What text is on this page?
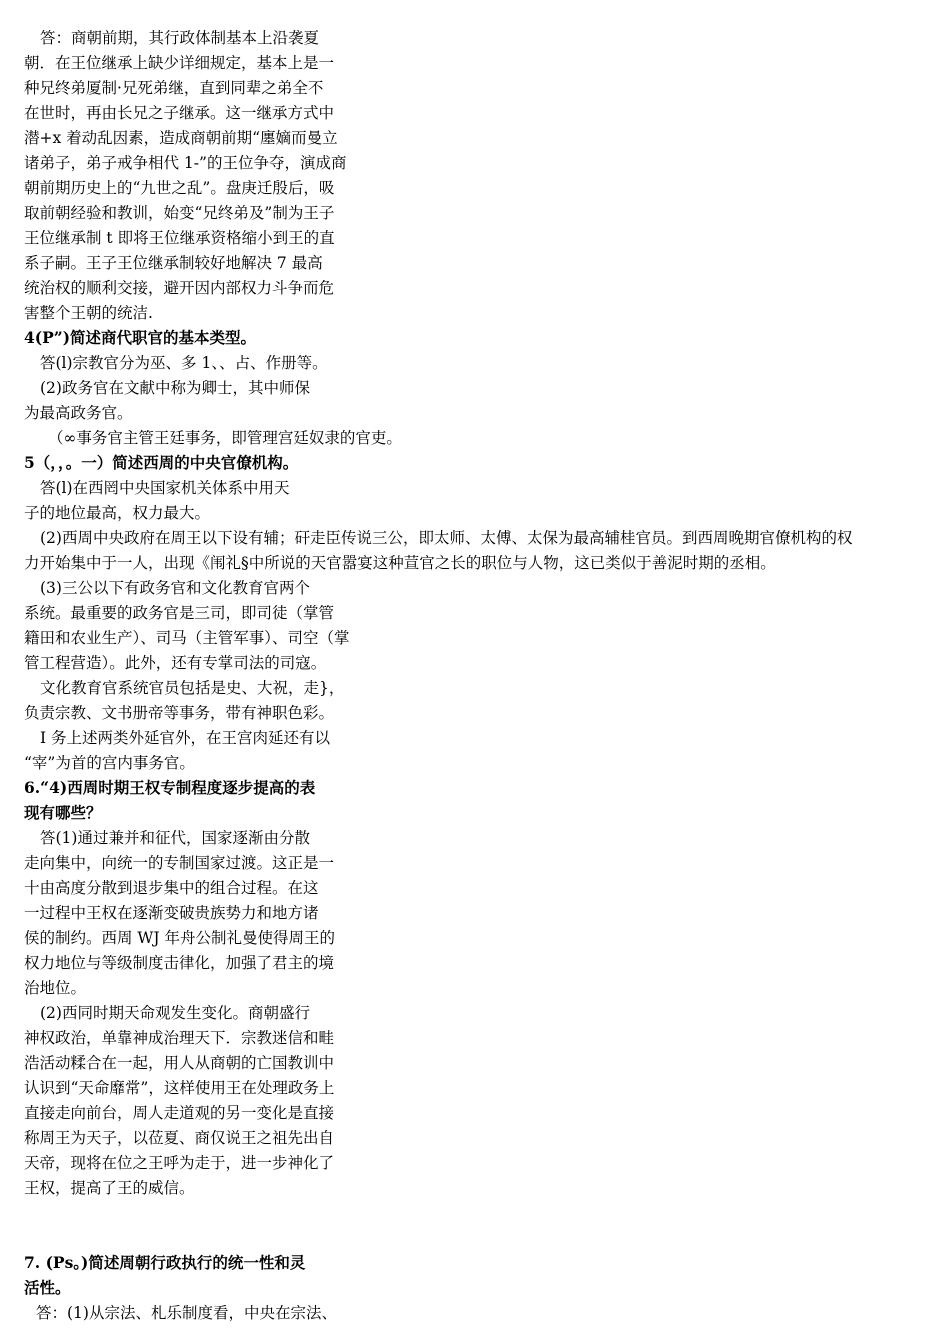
答：商朝前期，其行政体制基本上沿袭夏
朝．在王位继承上缺少详细规定，基本上是一
种兄终弟厦制·兄死弟继，直到同辈之弟全不
在世时，再由长兄之子继承。这一继承方式中
潜+x 着动乱因素，造成商朝前期“廛嫡而曼立
诸弟子，弟子戒争相代 1-”的王位争夺，演成商
朝前期历史上的“九世之乱”。盘庚迁殷后，吸
取前朝经验和教训，始变“兄终弟及”制为王子
王位继承制 t 即将王位继承资格缩小到王的直
系子嗣。王子王位继承制较好地解决 7 最高
统治权的顺利交接，避开因内部权力斗争而危
害整个王朝的统洁.
4(P”)简述商代职官的基本类型。
答(l)宗教官分为巫、多 1、、占、作册等。
(2)政务官在文献中称为卿士，其中师保
为最高政务官。
（∞事务官主管王廷事务，即管理宫廷奴隶的官吏。
5（，，。一）简述西周的中央官僚机构。
答(l)在西罔中央国家机关体系中用天
子的地位最高，权力最大。
(2)西周中央政府在周王以下设有辅；矸走臣传说三公，即太师、太傅、太保为最高辅桂官员。到西周晚期官僚机构的权
力开始集中于一人，出现《闱礼§中所说的天官嚣宴这种荁官之长的职位与人物，这已类似于善泥时期的丞相。
(3)三公以下有政务官和文化教育官两个
系统。最重要的政务官是三司，即司徒（掌管
籍田和农业生产）、司马（主管军事）、司空（掌
管工程营造）。此外，还有专掌司法的司寇。
文化教育官系统官员包括是史、大祝，走}，
负责宗教、文书册帝等事务，带有神职色彩。
I 务上述两类外延官外，在王宫肉延还有以
“宰”为首的宫内事务官。
6.“4)西周时期王权专制程度逐步提高的表
现有哪些？
答(1)通过兼并和征代，国家逐渐由分散
走向集中，向统一的专制国家过渡。这正是一
十由高度分散到退步集中的组合过程。在这
一过程中王权在逐渐变破贵族势力和地方诸
侯的制约。西周 WJ 年舟公制礼曼使得周王的
权力地位与等级制度击律化，加强了君主的境
治地位。
(2)西同时期天命观发生变化。商朝盛行
神权政治，单靠神成治理天下．宗教迷信和畦
浩活动糅合在一起，用人从商朝的亡国教训中
认识到“天命靡常”，这样使用王在处理政务上
直接走向前台，周人走道观的另一变化是直接
称周王为天子，以莅夏、商仅说王之祖先出自
天帝，现将在位之王呼为走于，进一步神化了
王权，提高了王的威信。
7. (Ps。)简述周朝行政执行的统一性和灵
活性。
答：(1)从宗法、札乐制度看，中央在宗法、
